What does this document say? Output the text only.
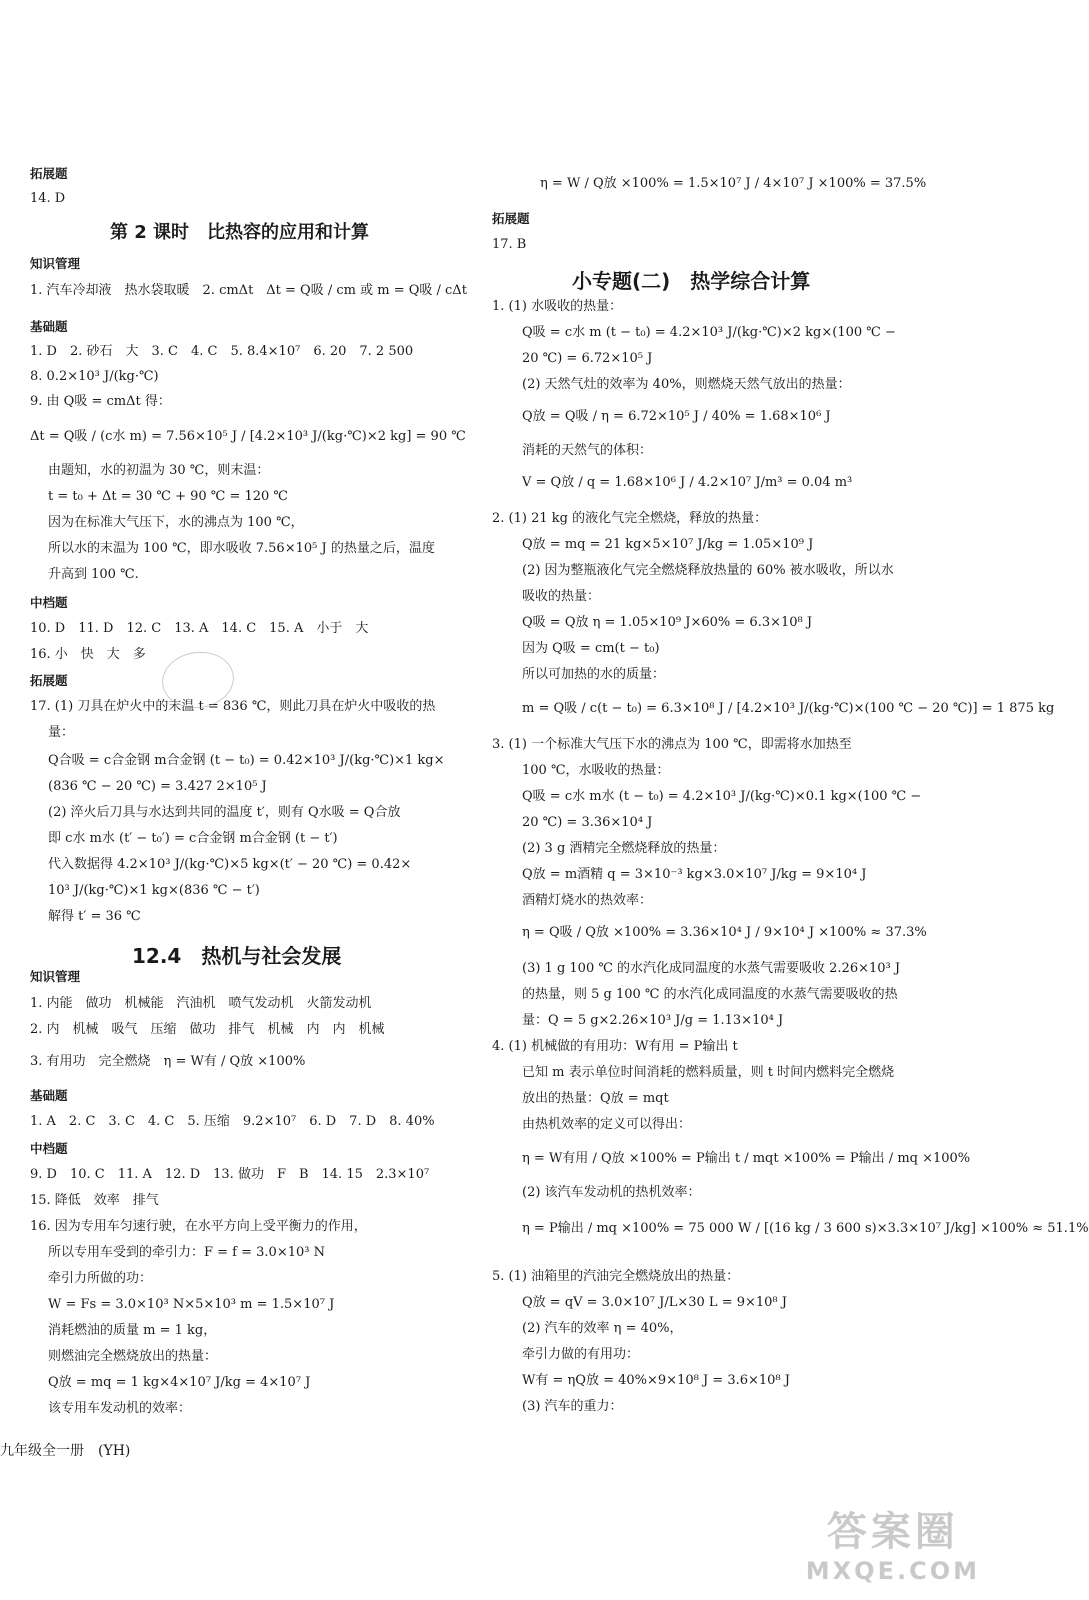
拓展题
14. D
第 2 课时　比热容的应用和计算
知识管理
1. 汽车冷却液　热水袋取暖　2. cmΔt　Δt = Q吸 / cm 或 m = Q吸 / cΔt
基础题
1. D　2. 砂石　大　3. C　4. C　5. 8.4×10⁷　6. 20　7. 2 500
8. 0.2×10³ J/(kg·℃)
9. 由 Q吸 = cmΔt 得：
Δt = Q吸 / (c水 m) = 7.56×10⁵ J / [4.2×10³ J/(kg·℃)×2 kg] = 90 ℃
由题知，水的初温为 30 ℃，则末温：
t = t₀ + Δt = 30 ℃ + 90 ℃ = 120 ℃
因为在标准大气压下，水的沸点为 100 ℃，
所以水的末温为 100 ℃，即水吸收 7.56×10⁵ J 的热量之后，温度
升高到 100 ℃.
中档题
10. D　11. D　12. C　13. A　14. C　15. A　小于　大
16. 小　快　大　多
拓展题
17. (1) 刀具在炉火中的末温 t = 836 ℃，则此刀具在炉火中吸收的热
量：
Q合吸 = c合金钢 m合金钢 (t − t₀) = 0.42×10³ J/(kg·℃)×1 kg×
(836 ℃ − 20 ℃) = 3.427 2×10⁵ J
(2) 淬火后刀具与水达到共同的温度 t′，则有 Q水吸 = Q合放
即 c水 m水 (t′ − t₀′) = c合金钢 m合金钢 (t − t′)
代入数据得 4.2×10³ J/(kg·℃)×5 kg×(t′ − 20 ℃) = 0.42×
10³ J/(kg·℃)×1 kg×(836 ℃ − t′)
解得 t′ = 36 ℃
12.4　热机与社会发展
知识管理
1. 内能　做功　机械能　汽油机　喷气发动机　火箭发动机
2. 内　机械　吸气　压缩　做功　排气　机械　内　内　机械
3. 有用功　完全燃烧　η = W有 / Q放 ×100%
基础题
1. A　2. C　3. C　4. C　5. 压缩　9.2×10⁷　6. D　7. D　8. 40%
中档题
9. D　10. C　11. A　12. D　13. 做功　F　B　14. 15　2.3×10⁷
15. 降低　效率　排气
16. 因为专用车匀速行驶，在水平方向上受平衡力的作用，
所以专用车受到的牵引力：F = f = 3.0×10³ N
牵引力所做的功：
W = Fs = 3.0×10³ N×5×10³ m = 1.5×10⁷ J
消耗燃油的质量 m = 1 kg，
则燃油完全燃烧放出的热量：
Q放 = mq = 1 kg×4×10⁷ J/kg = 4×10⁷ J
该专用车发动机的效率：
η = W / Q放 ×100% = 1.5×10⁷ J / 4×10⁷ J ×100% = 37.5%
拓展题
17. B
小专题(二)　热学综合计算
1. (1) 水吸收的热量：
Q吸 = c水 m (t − t₀) = 4.2×10³ J/(kg·℃)×2 kg×(100 ℃ −
20 ℃) = 6.72×10⁵ J
(2) 天然气灶的效率为 40%，则燃烧天然气放出的热量：
Q放 = Q吸 / η = 6.72×10⁵ J / 40% = 1.68×10⁶ J
消耗的天然气的体积：
V = Q放 / q = 1.68×10⁶ J / 4.2×10⁷ J/m³ = 0.04 m³
2. (1) 21 kg 的液化气完全燃烧，释放的热量：
Q放 = mq = 21 kg×5×10⁷ J/kg = 1.05×10⁹ J
(2) 因为整瓶液化气完全燃烧释放热量的 60% 被水吸收，所以水
吸收的热量：
Q吸 = Q放 η = 1.05×10⁹ J×60% = 6.3×10⁸ J
因为 Q吸 = cm(t − t₀)
所以可加热的水的质量：
m = Q吸 / c(t − t₀) = 6.3×10⁸ J / [4.2×10³ J/(kg·℃)×(100 ℃ − 20 ℃)] = 1 875 kg
3. (1) 一个标准大气压下水的沸点为 100 ℃，即需将水加热至
100 ℃，水吸收的热量：
Q吸 = c水 m水 (t − t₀) = 4.2×10³ J/(kg·℃)×0.1 kg×(100 ℃ −
20 ℃) = 3.36×10⁴ J
(2) 3 g 酒精完全燃烧释放的热量：
Q放 = m酒精 q = 3×10⁻³ kg×3.0×10⁷ J/kg = 9×10⁴ J
酒精灯烧水的热效率：
η = Q吸 / Q放 ×100% = 3.36×10⁴ J / 9×10⁴ J ×100% ≈ 37.3%
(3) 1 g 100 ℃ 的水汽化成同温度的水蒸气需要吸收 2.26×10³ J
的热量，则 5 g 100 ℃ 的水汽化成同温度的水蒸气需要吸收的热
量：Q = 5 g×2.26×10³ J/g = 1.13×10⁴ J
4. (1) 机械做的有用功：W有用 = P输出 t
已知 m 表示单位时间消耗的燃料质量，则 t 时间内燃料完全燃烧
放出的热量：Q放 = mqt
由热机效率的定义可以得出：
η = W有用 / Q放 ×100% = P输出 t / mqt ×100% = P输出 / mq ×100%
(2) 该汽车发动机的热机效率：
η = P输出 / mq ×100% = 75 000 W / [(16 kg / 3 600 s)×3.3×10⁷ J/kg] ×100% ≈ 51.1%
5. (1) 油箱里的汽油完全燃烧放出的热量：
Q放 = qV = 3.0×10⁷ J/L×30 L = 9×10⁸ J
(2) 汽车的效率 η = 40%，
牵引力做的有用功：
W有 = ηQ放 = 40%×9×10⁸ J = 3.6×10⁸ J
(3) 汽车的重力：
九年级全一册　(YH)
答案圈
MXQE.COM
